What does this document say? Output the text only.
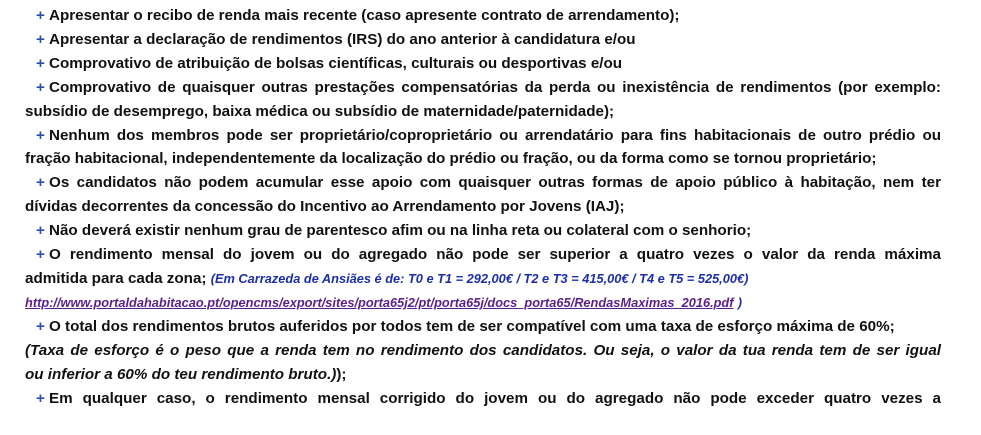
+ Apresentar o recibo de renda mais recente (caso apresente contrato de arrendamento);
+ Apresentar a declaração de rendimentos (IRS) do ano anterior à candidatura e/ou
+ Comprovativo de atribuição de bolsas científicas, culturais ou desportivas e/ou
+ Comprovativo de quaisquer outras prestações compensatórias da perda ou inexistência de rendimentos (por exemplo:
subsídio de desemprego, baixa médica ou subsídio de maternidade/paternidade);
+ Nenhum dos membros pode ser proprietário/coproprietário ou arrendatário para fins habitacionais de outro prédio ou
fração habitacional, independentemente da localização do prédio ou fração, ou da forma como se tornou proprietário;
+ Os candidatos não podem acumular esse apoio com quaisquer outras formas de apoio público à habitação, nem ter
dívidas decorrentes da concessão do Incentivo ao Arrendamento por Jovens (IAJ);
+ Não deverá existir nenhum grau de parentesco afim ou na linha reta ou colateral com o senhorio;
+ O rendimento mensal do jovem ou do agregado não pode ser superior a quatro vezes o valor da renda máxima
admitida para cada zona; (Em Carrazeda de Ansiães é de: T0 e T1 = 292,00€ / T2 e T3 = 415,00€ / T4 e T5 = 525,00€)
http://www.portaldahabitacao.pt/opencms/export/sites/porta65j2/pt/porta65j/docs_porta65/RendasMaximas_2016.pdf )
+ O total dos rendimentos brutos auferidos por todos tem de ser compatível com uma taxa de esforço máxima de 60%;
(Taxa de esforço é o peso que a renda tem no rendimento dos candidatos. Ou seja, o valor da tua renda tem de ser igual
ou inferior a 60% do teu rendimento bruto.));
+ Em qualquer caso, o rendimento mensal corrigido do jovem ou do agregado não pode exceder quatro vezes a
